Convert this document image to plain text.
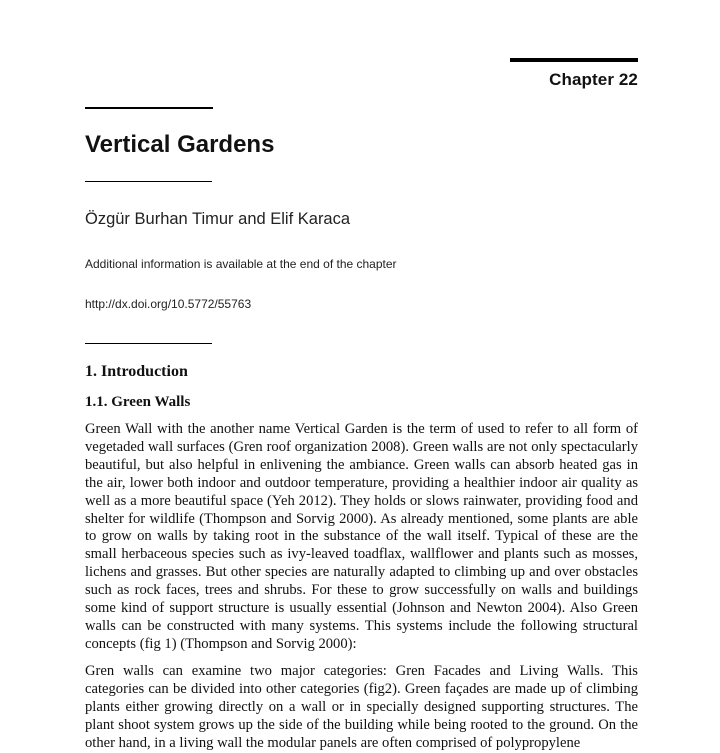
Chapter 22
Vertical Gardens
Özgür Burhan Timur and Elif Karaca
Additional information is available at the end of the chapter
http://dx.doi.org/10.5772/55763
1. Introduction
1.1. Green Walls

Green Wall with the another name Vertical Garden is the term of used to refer to all form of vegetaded wall surfaces (Gren roof organization 2008). Green walls are not only spectacularly beautiful, but also helpful in enlivening the ambiance. Green walls can absorb heated gas in the air, lower both indoor and outdoor temperature, providing a healthier indoor air quality as well as a more beautiful space (Yeh 2012). They holds or slows rainwater, providing food and shelter for wildlife (Thompson and Sorvig 2000). As already mentioned, some plants are able to grow on walls by taking root in the substance of the wall itself. Typical of these are the small herbaceous species such as ivy-leaved toadflax, wallflower and plants such as mosses, lichens and grasses. But other species are naturally adapted to climbing up and over obstacles such as rock faces, trees and shrubs. For these to grow successfully on walls and buildings some kind of support structure is usually essential (Johnson and Newton 2004). Also Green walls can be constructed with many systems. This systems include the following structural concepts (fig 1) (Thompson and Sorvig 2000):

Gren walls can examine two major categories: Gren Facades and Living Walls. This categories can be divided into other categories (fig2). Green façades are made up of climbing plants either growing directly on a wall or in specially designed supporting structures. The plant shoot system grows up the side of the building while being rooted to the ground. On the other hand, in a living wall the modular panels are often comprised of polypropylene
